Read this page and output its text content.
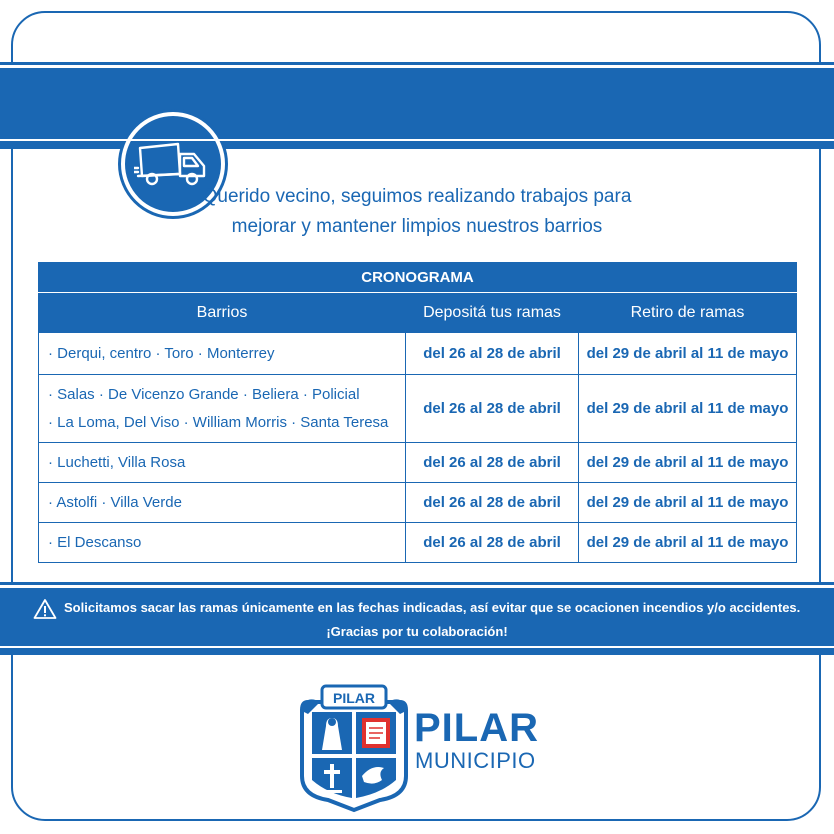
Recolección de ramas
Querido vecino, seguimos realizando trabajos para
mejorar y mantener limpios nuestros barrios
CRONOGRAMA		
Barrios	Depositá tus ramas	Retiro de ramas
· Derqui, centro · Toro · Monterrey	del 26 al 28 de abril	del 29 de abril al 11 de mayo

· Salas · De Vicenzo Grande · Beliera · Policial
· La Loma, Del Viso · William Morris · Santa Teresa	del 26 al 28 de abril	del 29 de abril al 11 de mayo
· Luchetti, Villa Rosa	del 26 al 28 de abril	del 29 de abril al 11 de mayo
· Astolfi · Villa Verde	del 26 al 28 de abril	del 29 de abril al 11 de mayo
· El Descanso	del 26 al 28 de abril	del 29 de abril al 11 de mayo
Solicitamos sacar las ramas únicamente en las fechas indicadas, así evitar que se ocacionen incendios y/o accidentes.
¡Gracias por tu colaboración!
PILAR
PILAR
MUNICIPIO
